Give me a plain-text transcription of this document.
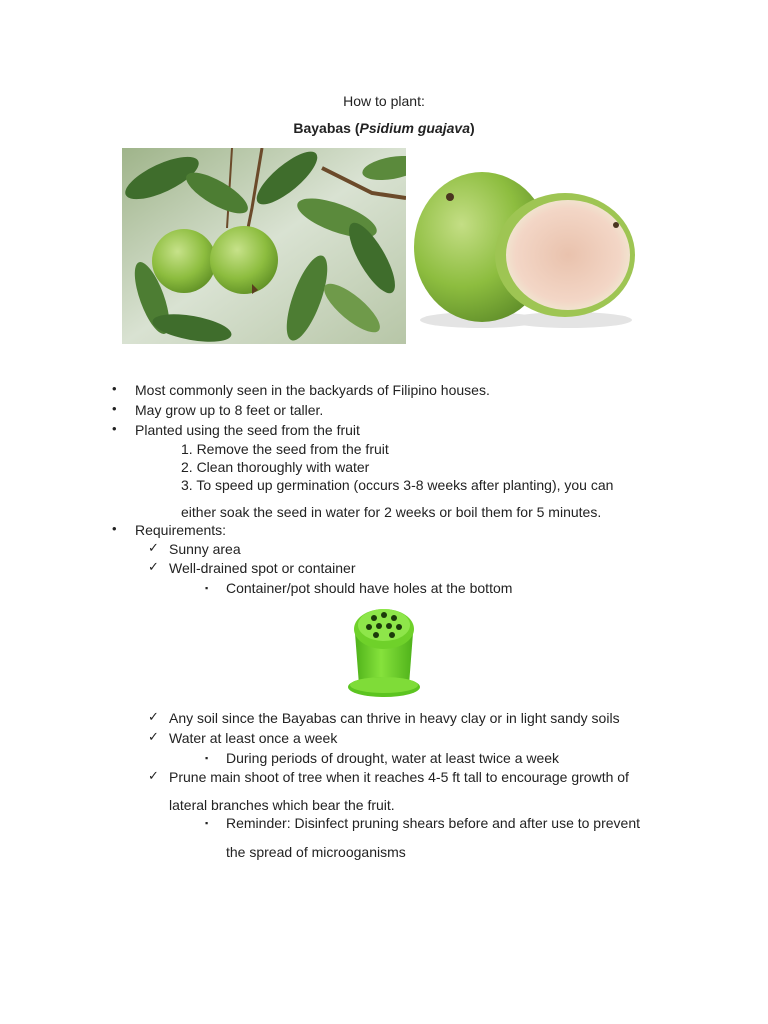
How to plant:
Bayabas (Psidium guajava)
• Most commonly seen in the backyards of Filipino houses.
• May grow up to 8 feet or taller.
• Planted using the seed from the fruit
1. Remove the seed from the fruit
2. Clean thoroughly with water
3. To speed up germination (occurs 3-8 weeks after planting), you can
either soak the seed in water for 2 weeks or boil them for 5 minutes.
• Requirements:
✓ Sunny area
✓ Well-drained spot or container
▪ Container/pot should have holes at the bottom
✓ Any soil since the Bayabas can thrive in heavy clay or in light sandy soils
✓ Water at least once a week
▪ During periods of drought, water at least twice a week
✓ Prune main shoot of tree when it reaches 4-5 ft tall to encourage growth of
lateral branches which bear the fruit.
▪ Reminder: Disinfect pruning shears before and after use to prevent
the spread of microoganisms
